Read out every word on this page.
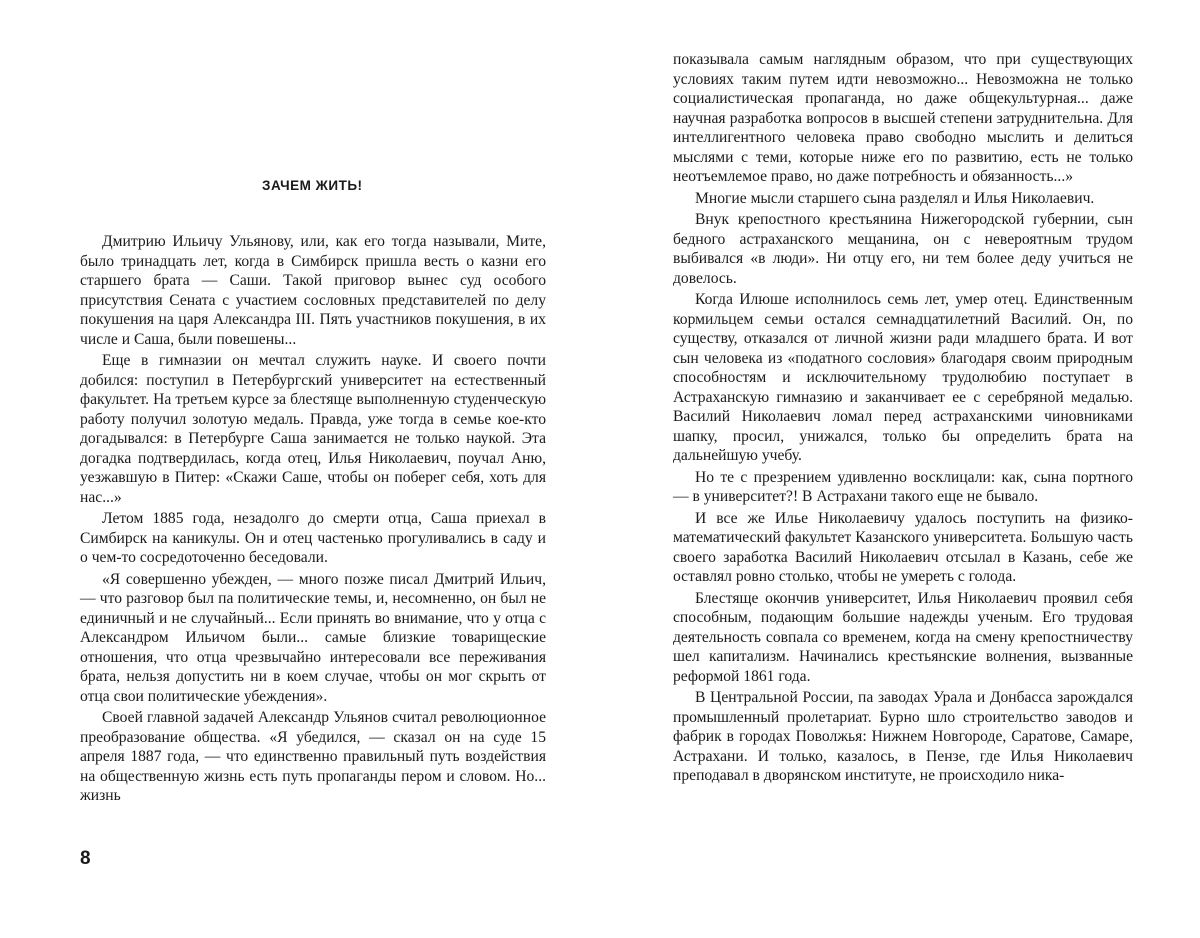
ЗАЧЕМ ЖИТЬ!

Дмитрию Ильичу Ульянову, или, как его тогда называли, Мите, было тринадцать лет, когда в Симбирск пришла весть о казни его старшего брата — Саши. Такой приговор вынес суд особого присутствия Сената с участием сословных представителей по делу покушения на царя Александра III. Пять участников покушения, в их числе и Саша, были повешены...

Еще в гимназии он мечтал служить науке. И своего почти добился: поступил в Петербургский университет на естественный факультет. На третьем курсе за блестяще выполненную студенческую работу получил золотую медаль. Правда, уже тогда в семье кое-кто догадывался: в Петербурге Саша занимается не только наукой. Эта догадка подтвердилась, когда отец, Илья Николаевич, поучал Аню, уезжавшую в Питер: «Скажи Саше, чтобы он поберег себя, хоть для нас...»

Летом 1885 года, незадолго до смерти отца, Саша приехал в Симбирск на каникулы. Он и отец частенько прогуливались в саду и о чем-то сосредоточенно беседовали.

«Я совершенно убежден, — много позже писал Дмитрий Ильич, — что разговор был па политические темы, и, несомненно, он был не единичный и не случайный... Если принять во внимание, что у отца с Александром Ильичом были... самые близкие товарищеские отношения, что отца чрезвычайно интересовали все переживания брата, нельзя допустить ни в коем случае, чтобы он мог скрыть от отца свои политические убеждения».

Своей главной задачей Александр Ульянов считал революционное преобразование общества. «Я убедился, — сказал он на суде 15 апреля 1887 года, — что единственно правильный путь воздействия на общественную жизнь есть путь пропаганды пером и словом. Но... жизнь

8

показывала самым наглядным образом, что при существующих условиях таким путем идти невозможно... Невозможна не только социалистическая пропаганда, но даже общекультурная... даже научная разработка вопросов в высшей степени затруднительна. Для интеллигентного человека право свободно мыслить и делиться мыслями с теми, которые ниже его по развитию, есть не только неотъемлемое право, но даже потребность и обязанность...»

Многие мысли старшего сына разделял и Илья Николаевич.

Внук крепостного крестьянина Нижегородской губернии, сын бедного астраханского мещанина, он с невероятным трудом выбивался «в люди». Ни отцу его, ни тем более деду учиться не довелось.

Когда Илюше исполнилось семь лет, умер отец. Единственным кормильцем семьи остался семнадцатилетний Василий. Он, по существу, отказался от личной жизни ради младшего брата. И вот сын человека из «податного сословия» благодаря своим природным способностям и исключительному трудолюбию поступает в Астраханскую гимназию и заканчивает ее с серебряной медалью. Василий Николаевич ломал перед астраханскими чиновниками шапку, просил, унижался, только бы определить брата на дальнейшую учебу.

Но те с презрением удивленно восклицали: как, сына портного — в университет?! В Астрахани такого еще не бывало.

И все же Илье Николаевичу удалось поступить на физико-математический факультет Казанского университета. Большую часть своего заработка Василий Николаевич отсылал в Казань, себе же оставлял ровно столько, чтобы не умереть с голода.

Блестяще окончив университет, Илья Николаевич проявил себя способным, подающим большие надежды ученым. Его трудовая деятельность совпала со временем, когда на смену крепостничеству шел капитализм. Начинались крестьянские волнения, вызванные реформой 1861 года.

В Центральной России, па заводах Урала и Донбасса зарождался промышленный пролетариат. Бурно шло строительство заводов и фабрик в городах Поволжья: Нижнем Новгороде, Саратове, Самаре, Астрахани. И только, казалось, в Пензе, где Илья Николаевич преподавал в дворянском институте, не происходило ника-
